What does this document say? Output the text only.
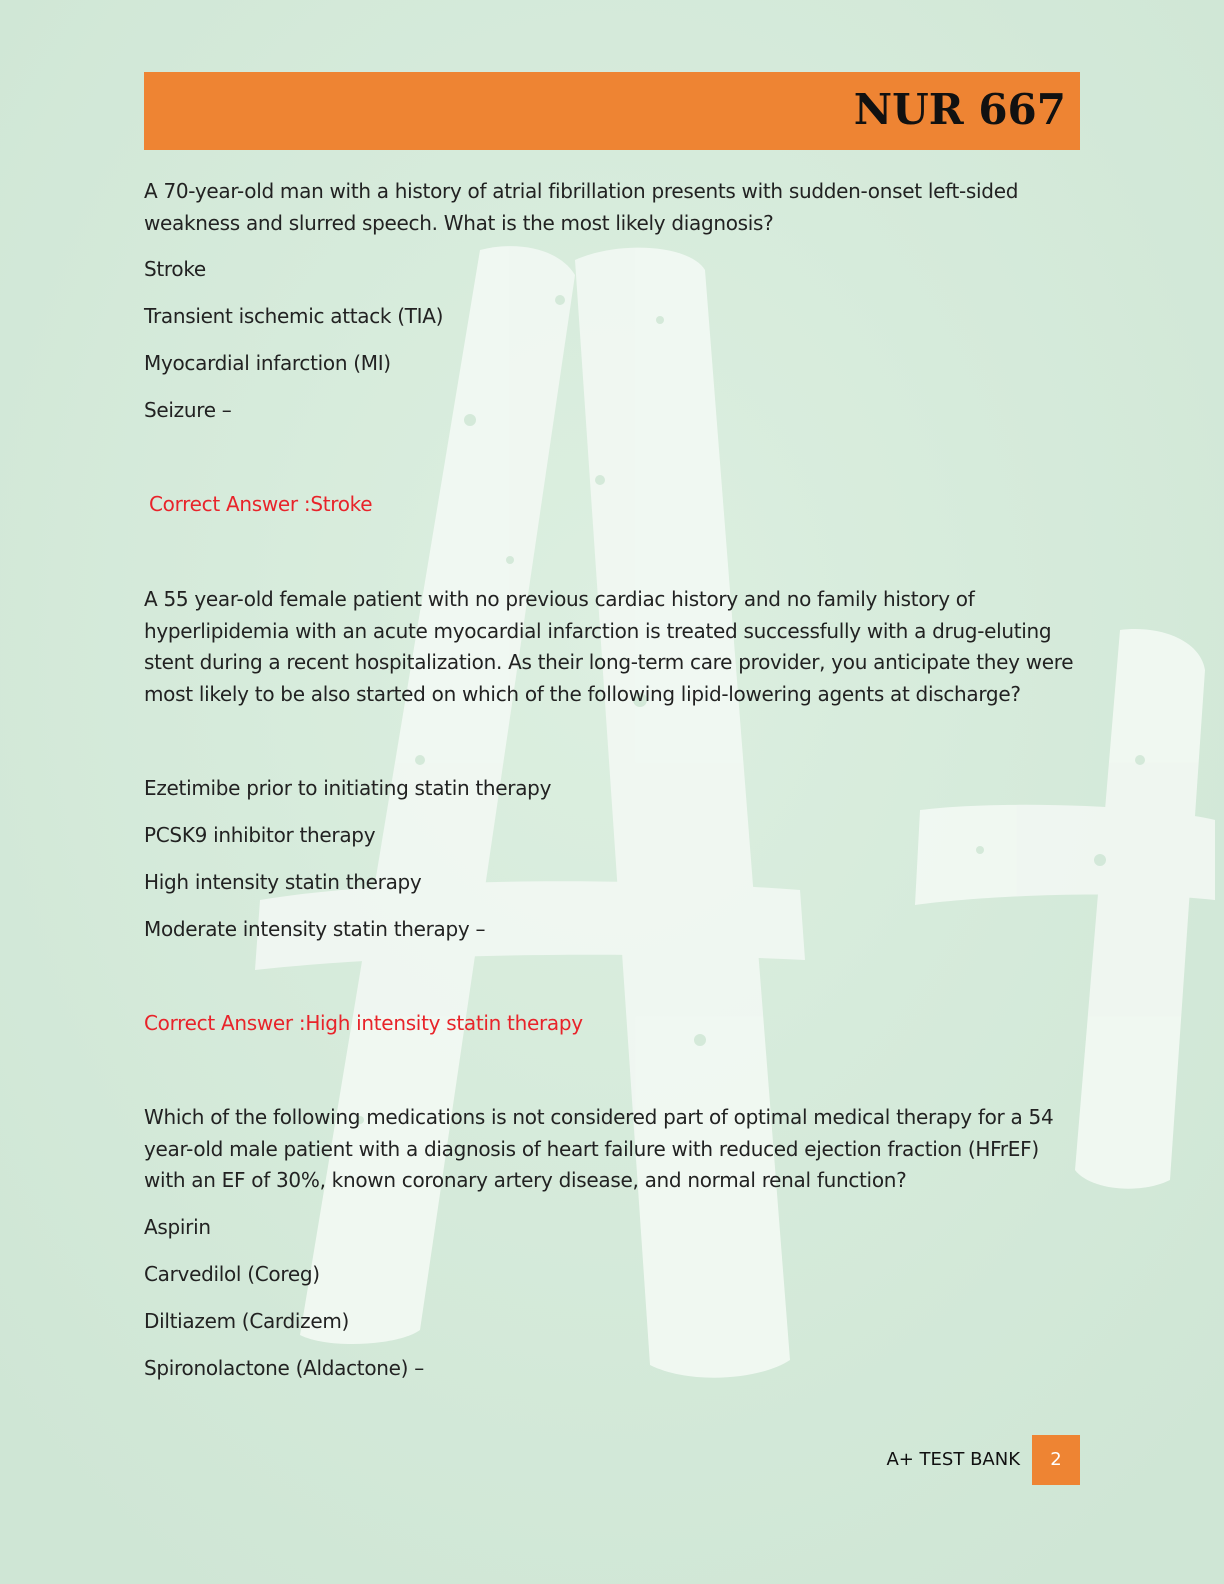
NUR 667

A 70-year-old man with a history of atrial fibrillation presents with sudden-onset left-sided weakness and slurred speech. What is the most likely diagnosis?

Stroke

Transient ischemic attack (TIA)

Myocardial infarction (MI)

Seizure –

Correct Answer :Stroke

A 55 year-old female patient with no previous cardiac history and no family history of hyperlipidemia with an acute myocardial infarction is treated successfully with a drug-eluting stent during a recent hospitalization. As their long-term care provider, you anticipate they were most likely to be also started on which of the following lipid-lowering agents at discharge?

Ezetimibe prior to initiating statin therapy

PCSK9 inhibitor therapy

High intensity statin therapy

Moderate intensity statin therapy –

Correct Answer :High intensity statin therapy

Which of the following medications is not considered part of optimal medical therapy for a 54 year-old male patient with a diagnosis of heart failure with reduced ejection fraction (HFrEF) with an EF of 30%, known coronary artery disease, and normal renal function?

Aspirin

Carvedilol (Coreg)

Diltiazem (Cardizem)

Spironolactone (Aldactone) –

A+ TEST BANK	2
